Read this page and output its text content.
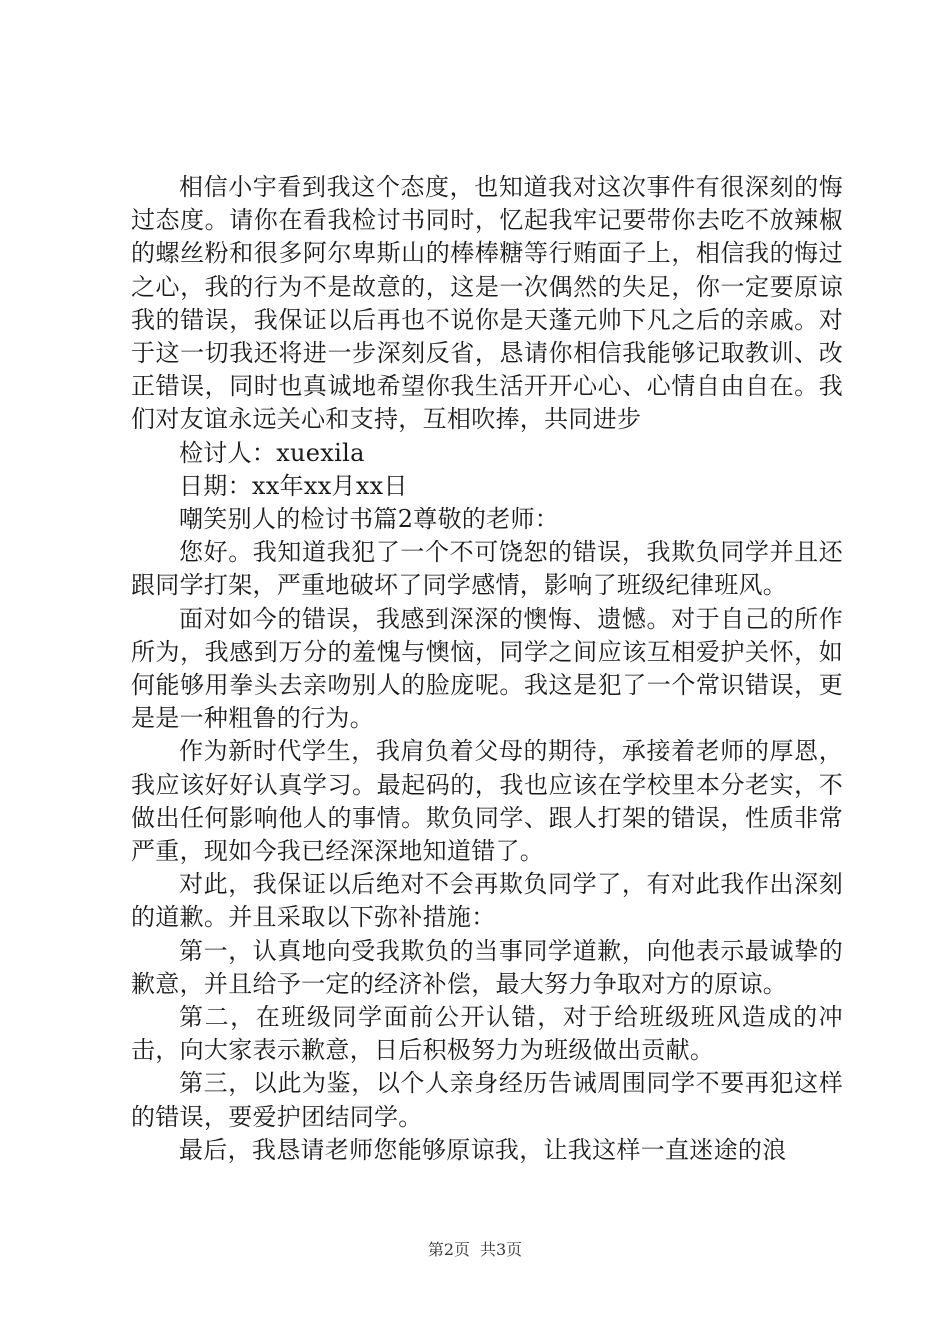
相信小宇看到我这个态度，也知道我对这次事件有很深刻的悔过态度。请你在看我检讨书同时，忆起我牢记要带你去吃不放辣椒的螺丝粉和很多阿尔卑斯山的棒棒糖等行贿面子上，相信我的悔过之心，我的行为不是故意的，这是一次偶然的失足，你一定要原谅我的错误，我保证以后再也不说你是天蓬元帅下凡之后的亲戚。对于这一切我还将进一步深刻反省，恳请你相信我能够记取教训、改正错误，同时也真诚地希望你我生活开开心心、心情自由自在。我们对友谊永远关心和支持，互相吹捧，共同进步

检讨人：xuexila

日期：xx年xx月xx日

嘲笑别人的检讨书篇2尊敬的老师：

您好。我知道我犯了一个不可饶恕的错误，我欺负同学并且还跟同学打架，严重地破坏了同学感情，影响了班级纪律班风。

面对如今的错误，我感到深深的懊悔、遗憾。对于自己的所作所为，我感到万分的羞愧与懊恼，同学之间应该互相爱护关怀，如何能够用拳头去亲吻别人的脸庞呢。我这是犯了一个常识错误，更是是一种粗鲁的行为。

作为新时代学生，我肩负着父母的期待，承接着老师的厚恩，我应该好好认真学习。最起码的，我也应该在学校里本分老实，不做出任何影响他人的事情。欺负同学、跟人打架的错误，性质非常严重，现如今我已经深深地知道错了。

对此，我保证以后绝对不会再欺负同学了，有对此我作出深刻的道歉。并且采取以下弥补措施：

第一，认真地向受我欺负的当事同学道歉，向他表示最诚挚的歉意，并且给予一定的经济补偿，最大努力争取对方的原谅。

第二，在班级同学面前公开认错，对于给班级班风造成的冲击，向大家表示歉意，日后积极努力为班级做出贡献。

第三，以此为鉴，以个人亲身经历告诫周围同学不要再犯这样的错误，要爱护团结同学。

最后，我恳请老师您能够原谅我，让我这样一直迷途的浪

第2页 共3页
